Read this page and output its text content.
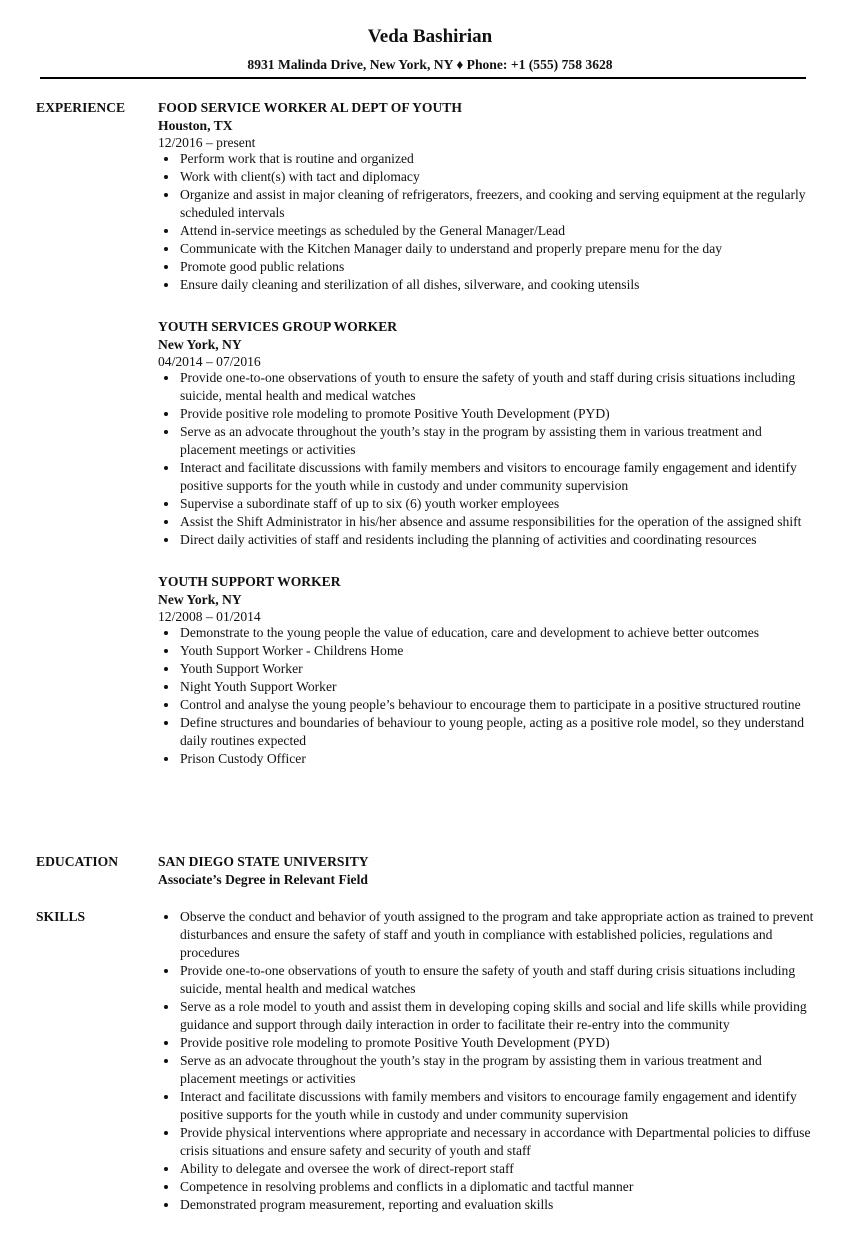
Veda Bashirian
8931 Malinda Drive, New York, NY ♦ Phone: +1 (555) 758 3628
EXPERIENCE FOOD SERVICE WORKER AL DEPT OF YOUTH
Houston, TX
12/2016 – present
Perform work that is routine and organized
Work with client(s) with tact and diplomacy
Organize and assist in major cleaning of refrigerators, freezers, and cooking and serving equipment at the regularly scheduled intervals
Attend in-service meetings as scheduled by the General Manager/Lead
Communicate with the Kitchen Manager daily to understand and properly prepare menu for the day
Promote good public relations
Ensure daily cleaning and sterilization of all dishes, silverware, and cooking utensils
YOUTH SERVICES GROUP WORKER
New York, NY
04/2014 – 07/2016
Provide one-to-one observations of youth to ensure the safety of youth and staff during crisis situations including suicide, mental health and medical watches
Provide positive role modeling to promote Positive Youth Development (PYD)
Serve as an advocate throughout the youth’s stay in the program by assisting them in various treatment and placement meetings or activities
Interact and facilitate discussions with family members and visitors to encourage family engagement and identify positive supports for the youth while in custody and under community supervision
Supervise a subordinate staff of up to six (6) youth worker employees
Assist the Shift Administrator in his/her absence and assume responsibilities for the operation of the assigned shift
Direct daily activities of staff and residents including the planning of activities and coordinating resources
YOUTH SUPPORT WORKER
New York, NY
12/2008 – 01/2014
Demonstrate to the young people the value of education, care and development to achieve better outcomes
Youth Support Worker - Childrens Home
Youth Support Worker
Night Youth Support Worker
Control and analyse the young people’s behaviour to encourage them to participate in a positive structured routine
Define structures and boundaries of behaviour to young people, acting as a positive role model, so they understand daily routines expected
Prison Custody Officer
EDUCATION	SAN DIEGO STATE UNIVERSITY
Associate’s Degree in Relevant Field
SKILLS	Observe the conduct and behavior of youth assigned to the program and take appropriate action as trained to prevent disturbances and ensure the safety of staff and youth in compliance with established policies, regulations and procedures
Provide one-to-one observations of youth to ensure the safety of youth and staff during crisis situations including suicide, mental health and medical watches
Serve as a role model to youth and assist them in developing coping skills and social and life skills while providing guidance and support through daily interaction in order to facilitate their re-entry into the community
Provide positive role modeling to promote Positive Youth Development (PYD)
Serve as an advocate throughout the youth’s stay in the program by assisting them in various treatment and placement meetings or activities
Interact and facilitate discussions with family members and visitors to encourage family engagement and identify positive supports for the youth while in custody and under community supervision
Provide physical interventions where appropriate and necessary in accordance with Departmental policies to diffuse crisis situations and ensure safety and security of youth and staff
Ability to delegate and oversee the work of direct-report staff
Competence in resolving problems and conflicts in a diplomatic and tactful manner
Demonstrated program measurement, reporting and evaluation skills
